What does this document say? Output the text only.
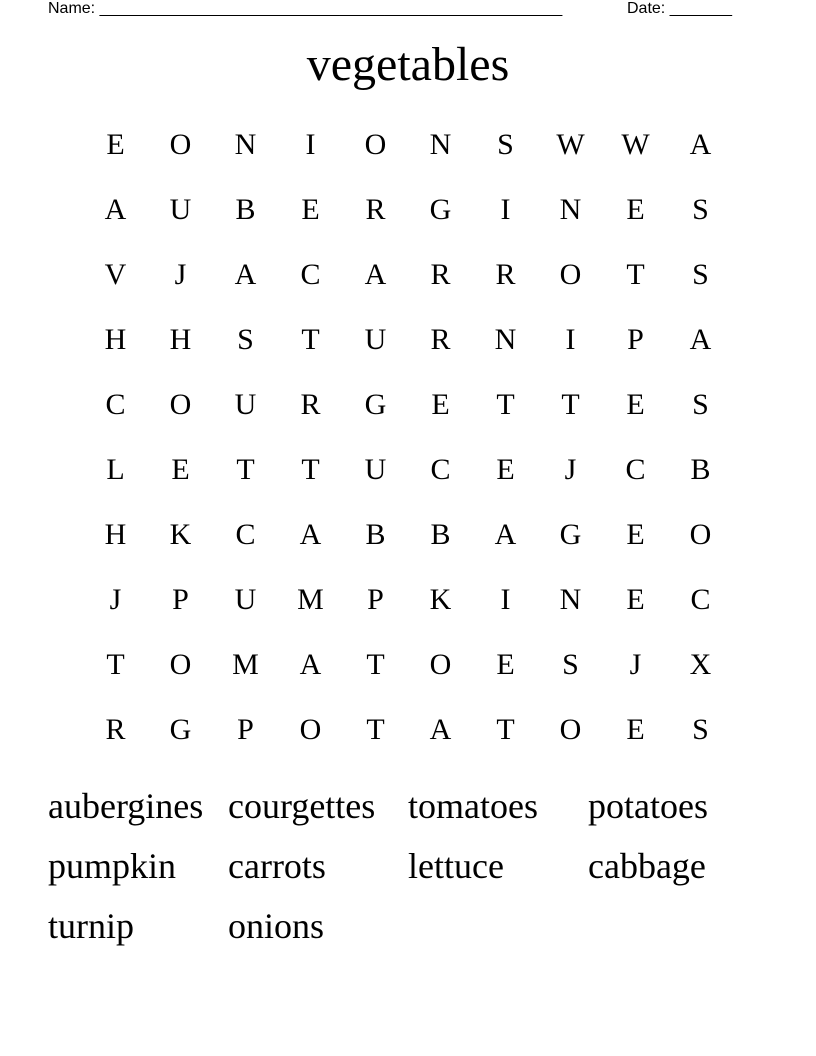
Name: ____________________________________________________	Date: _______
vegetables
E	O	N	I	O	N	S	W	W	A
A	U	B	E	R	G	I	N	E	S
V	J	A	C	A	R	R	O	T	S
H	H	S	T	U	R	N	I	P	A
C	O	U	R	G	E	T	T	E	S
L	E	T	T	U	C	E	J	C	B
H	K	C	A	B	B	A	G	E	O
J	P	U	M	P	K	I	N	E	C
T	O	M	A	T	O	E	S	J	X
R	G	P	O	T	A	T	O	E	S
aubergines courgettes tomatoes	potatoes
pumpkin	carrots	lettuce	cabbage
turnip	onions
